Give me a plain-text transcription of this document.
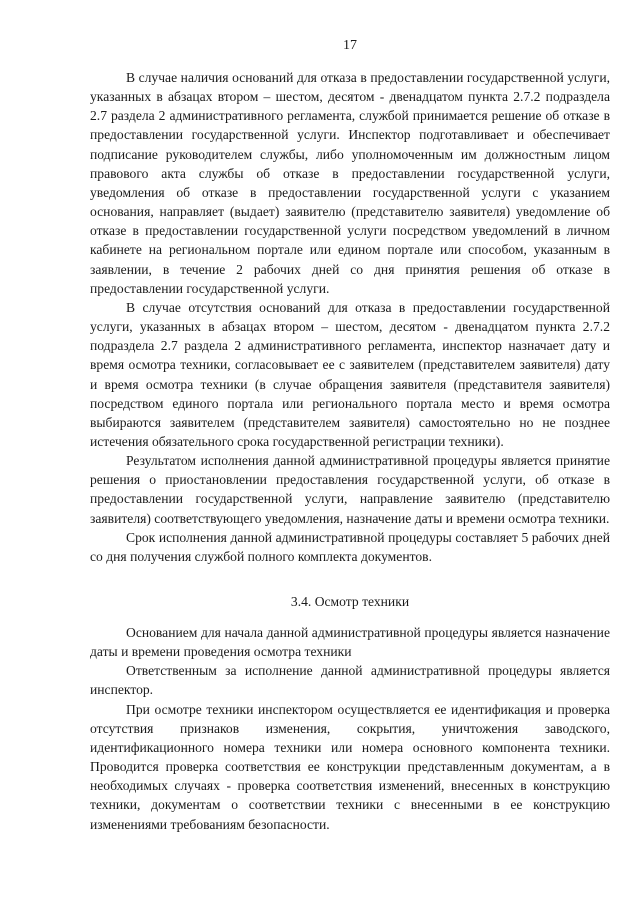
17

В случае наличия оснований для отказа в предоставлении государственной услуги, указанных в абзацах втором – шестом, десятом - двенадцатом пункта 2.7.2 подраздела 2.7 раздела 2 административного регламента, службой принимается решение об отказе в предоставлении государственной услуги. Инспектор подготавливает и обеспечивает подписание руководителем службы, либо уполномоченным им должностным лицом правового акта службы об отказе в предоставлении государственной услуги, уведомления об отказе в предоставлении государственной услуги с указанием основания, направляет (выдает) заявителю (представителю заявителя) уведомление об отказе в предоставлении государственной услуги посредством уведомлений в личном кабинете на региональном портале или едином портале или способом, указанным в заявлении, в течение 2 рабочих дней со дня принятия решения об отказе в предоставлении государственной услуги.

В случае отсутствия оснований для отказа в предоставлении государственной услуги, указанных в абзацах втором – шестом, десятом - двенадцатом пункта 2.7.2 подраздела 2.7 раздела 2 административного регламента, инспектор назначает дату и время осмотра техники, согласовывает ее с заявителем (представителем заявителя) дату и время осмотра техники (в случае обращения заявителя (представителя заявителя) посредством единого портала или регионального портала место и время осмотра выбираются заявителем (представителем заявителя) самостоятельно но не позднее истечения обязательного срока государственной регистрации техники).

Результатом исполнения данной административной процедуры является принятие решения о приостановлении предоставления государственной услуги, об отказе в предоставлении государственной услуги, направление заявителю (представителю заявителя) соответствующего уведомления, назначение даты и времени осмотра техники.

Срок исполнения данной административной процедуры составляет 5 рабочих дней со дня получения службой полного комплекта документов.

3.4. Осмотр техники

Основанием для начала данной административной процедуры является назначение даты и времени проведения осмотра техники

Ответственным за исполнение данной административной процедуры является инспектор.

При осмотре техники инспектором осуществляется ее идентификация и проверка отсутствия признаков изменения, сокрытия, уничтожения заводского, идентификационного номера техники или номера основного компонента техники. Проводится проверка соответствия ее конструкции представленным документам, а в необходимых случаях - проверка соответствия изменений, внесенных в конструкцию техники, документам о соответствии техники с внесенными в ее конструкцию изменениями требованиям безопасности.
